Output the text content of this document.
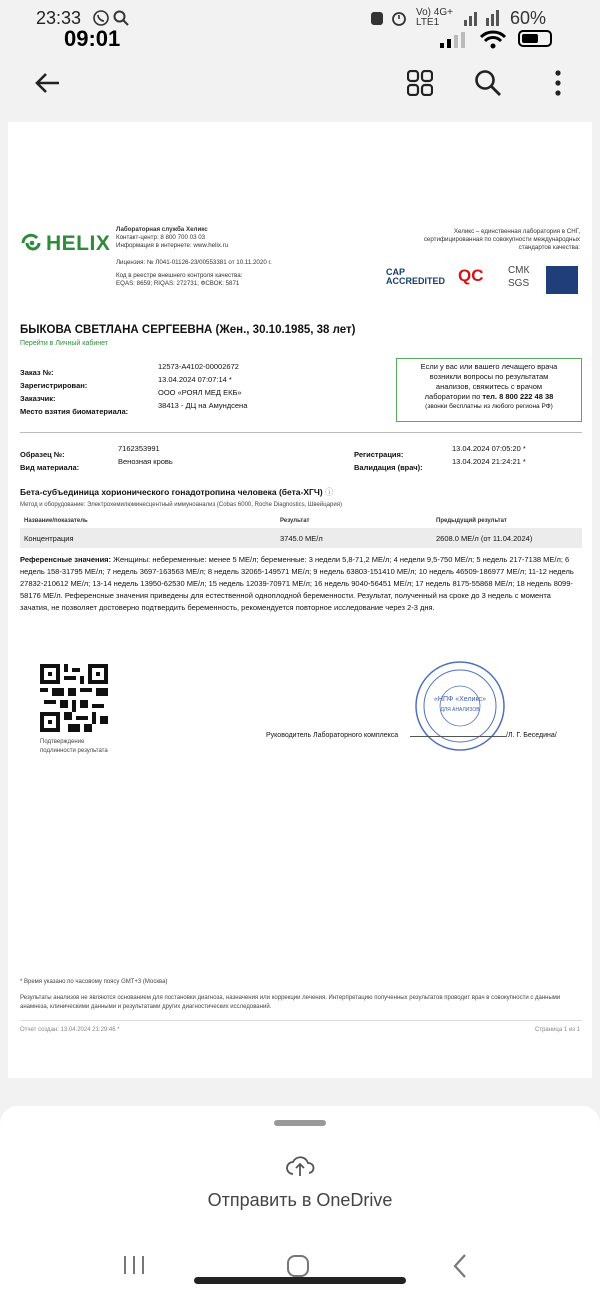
23:33	Vo) 4G+ LTE1	60%
09:01
HELIX
Лабораторная служба Хеликс
Контакт-центр: 8 800 700 03 03
Информация в интернете: www.helix.ru
Лицензия: № Л041-01126-23/00553381 от 10.11.2020 г.
Код в реестре внешнего контроля качества:
EQAS: 8659; RIQAS: 272731; ФСВОК: 5871
Хеликс – единственная лаборатория в СНГ,
сертифицированная по совокупности международных
стандартов качества:
CAP ACCREDITED QC СМК SGS
БЫКОВА СВЕТЛАНА СЕРГЕЕВНА (Жен., 30.10.1985, 38 лет)
Перейти в Личный кабинет
Заказ №:
12573-A4102-00002672
Зарегистрирован:
13.04.2024 07:07:14 *
Заказчик:
ООО «РОЯЛ МЕД ЕКБ»
Место взятия биоматериала:
38413 - ДЦ на Амундсена
Если у вас или вашего лечащего врача
возникли вопросы по результатам
анализов, свяжитесь с врачом
лаборатории по тел. 8 800 222 48 38
(звонки бесплатны из любого региона РФ)
Образец №:
7162353991
Вид материала:
Венозная кровь
Регистрация:
13.04.2024 07:05:20 *
Валидация (врач):
13.04.2024 21:24:21 *
Бета-субъединица хорионического гонадотропина человека (бета-ХГЧ) ⓘ
Метод и оборудование: Электрохемилюминесцентный иммуноанализ (Cobas 6000, Roche Diagnostics, Швейцария)
Название/показатель	Результат	Предыдущий результат
Концентрация	3745.0 МЕ/л	2608.0 МЕ/л (от 11.04.2024)
Референсные значения: Женщины: небеременные: менее 5 МЕ/л; беременные: 3 недели 5,8-71,2 МЕ/л; 4 недели 9,5-750 МЕ/л; 5 недель 217-7138 МЕ/л; 6 недель 158-31795 МЕ/л; 7 недель 3697-163563 МЕ/л; 8 недель 32065-149571 МЕ/л; 9 недель 63803-151410 МЕ/л; 10 недель 46509-186977 МЕ/л; 11-12 недель 27832-210612 МЕ/л; 13-14 недель 13950-62530 МЕ/л; 15 недель 12039-70971 МЕ/л; 16 недель 9040-56451 МЕ/л; 17 недель 8175-55868 МЕ/л; 18 недель 8099-58176 МЕ/л. Референсные значения приведены для естественной одноплодной беременности. Результат, полученный на сроке до 3 недель с момента зачатия, не позволяет достоверно подтвердить беременность, рекомендуется повторное исследование через 2-3 дня.
Подтверждение
подлинности результата
«НПФ «Хеликс»
ДЛЯ АНАЛИЗОВ
Руководитель Лабораторного комплекса	/Л. Г. Беседина/
* Время указано по часовому поясу GMT+3 (Москва)
Результаты анализов не являются основанием для постановки диагноза, назначения или коррекции лечения. Интерпретацию полученных результатов проводит врач в совокупности с данными анамнеза, клиническими данными и результатами других диагностических исследований.
Отчет создан: 13.04.2024 21:29:46 *	Страница 1 из 1
Отправить в OneDrive
